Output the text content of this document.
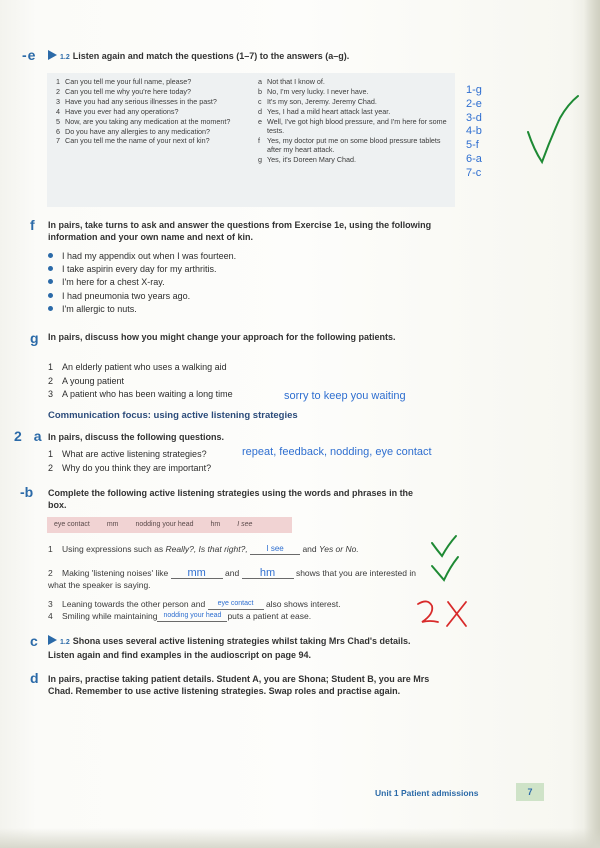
-e	1.2 Listen again and match the questions (1–7) to the answers (a–g).
1 Can you tell me your full name, please?
2 Can you tell me why you're here today?
3 Have you had any serious illnesses in the past?
4 Have you ever had any operations?
5 Now, are you taking any medication at the moment?
6 Do you have any allergies to any medication?
7 Can you tell me the name of your next of kin?
a Not that I know of.
b No, I'm very lucky. I never have.
c It's my son, Jeremy. Jeremy Chad.
d Yes, I had a mild heart attack last year.
e Well, I've got high blood pressure, and I'm here for some tests.
f Yes, my doctor put me on some blood pressure tablets after my heart attack.
g Yes, it's Doreen Mary Chad.
1-g
2-e
3-d
4-b
5-f
6-a
7-c
f In pairs, take turns to ask and answer the questions from Exercise 1e, using the following information and your own name and next of kin.
I had my appendix out when I was fourteen.
I take aspirin every day for my arthritis.
I'm here for a chest X-ray.
I had pneumonia two years ago.
I'm allergic to nuts.
g In pairs, discuss how you might change your approach for the following patients.
1 An elderly patient who uses a walking aid
2 A young patient
3 A patient who has been waiting a long time	sorry to keep you waiting
Communication focus: using active listening strategies
2 a In pairs, discuss the following questions.
1 What are active listening strategies?
2 Why do you think they are important?
repeat, feedback, nodding, eye contact
-b Complete the following active listening strategies using the words and phrases in the box.
eye contact mm nodding your head hm I see
1 Using expressions such as Really?, Is that right?, I see and Yes or No.
2 Making 'listening noises' like mm and hm shows that you are interested in what the speaker is saying.
3 Leaning towards the other person and eye contact also shows interest.
4 Smiling while maintaining nodding your head puts a patient at ease.
c	1.2 Shona uses several active listening strategies whilst taking Mrs Chad's details. Listen again and find examples in the audioscript on page 94.
d In pairs, practise taking patient details. Student A, you are Shona; Student B, you are Mrs Chad. Remember to use active listening strategies. Swap roles and practise again.
Unit 1 Patient admissions	7
